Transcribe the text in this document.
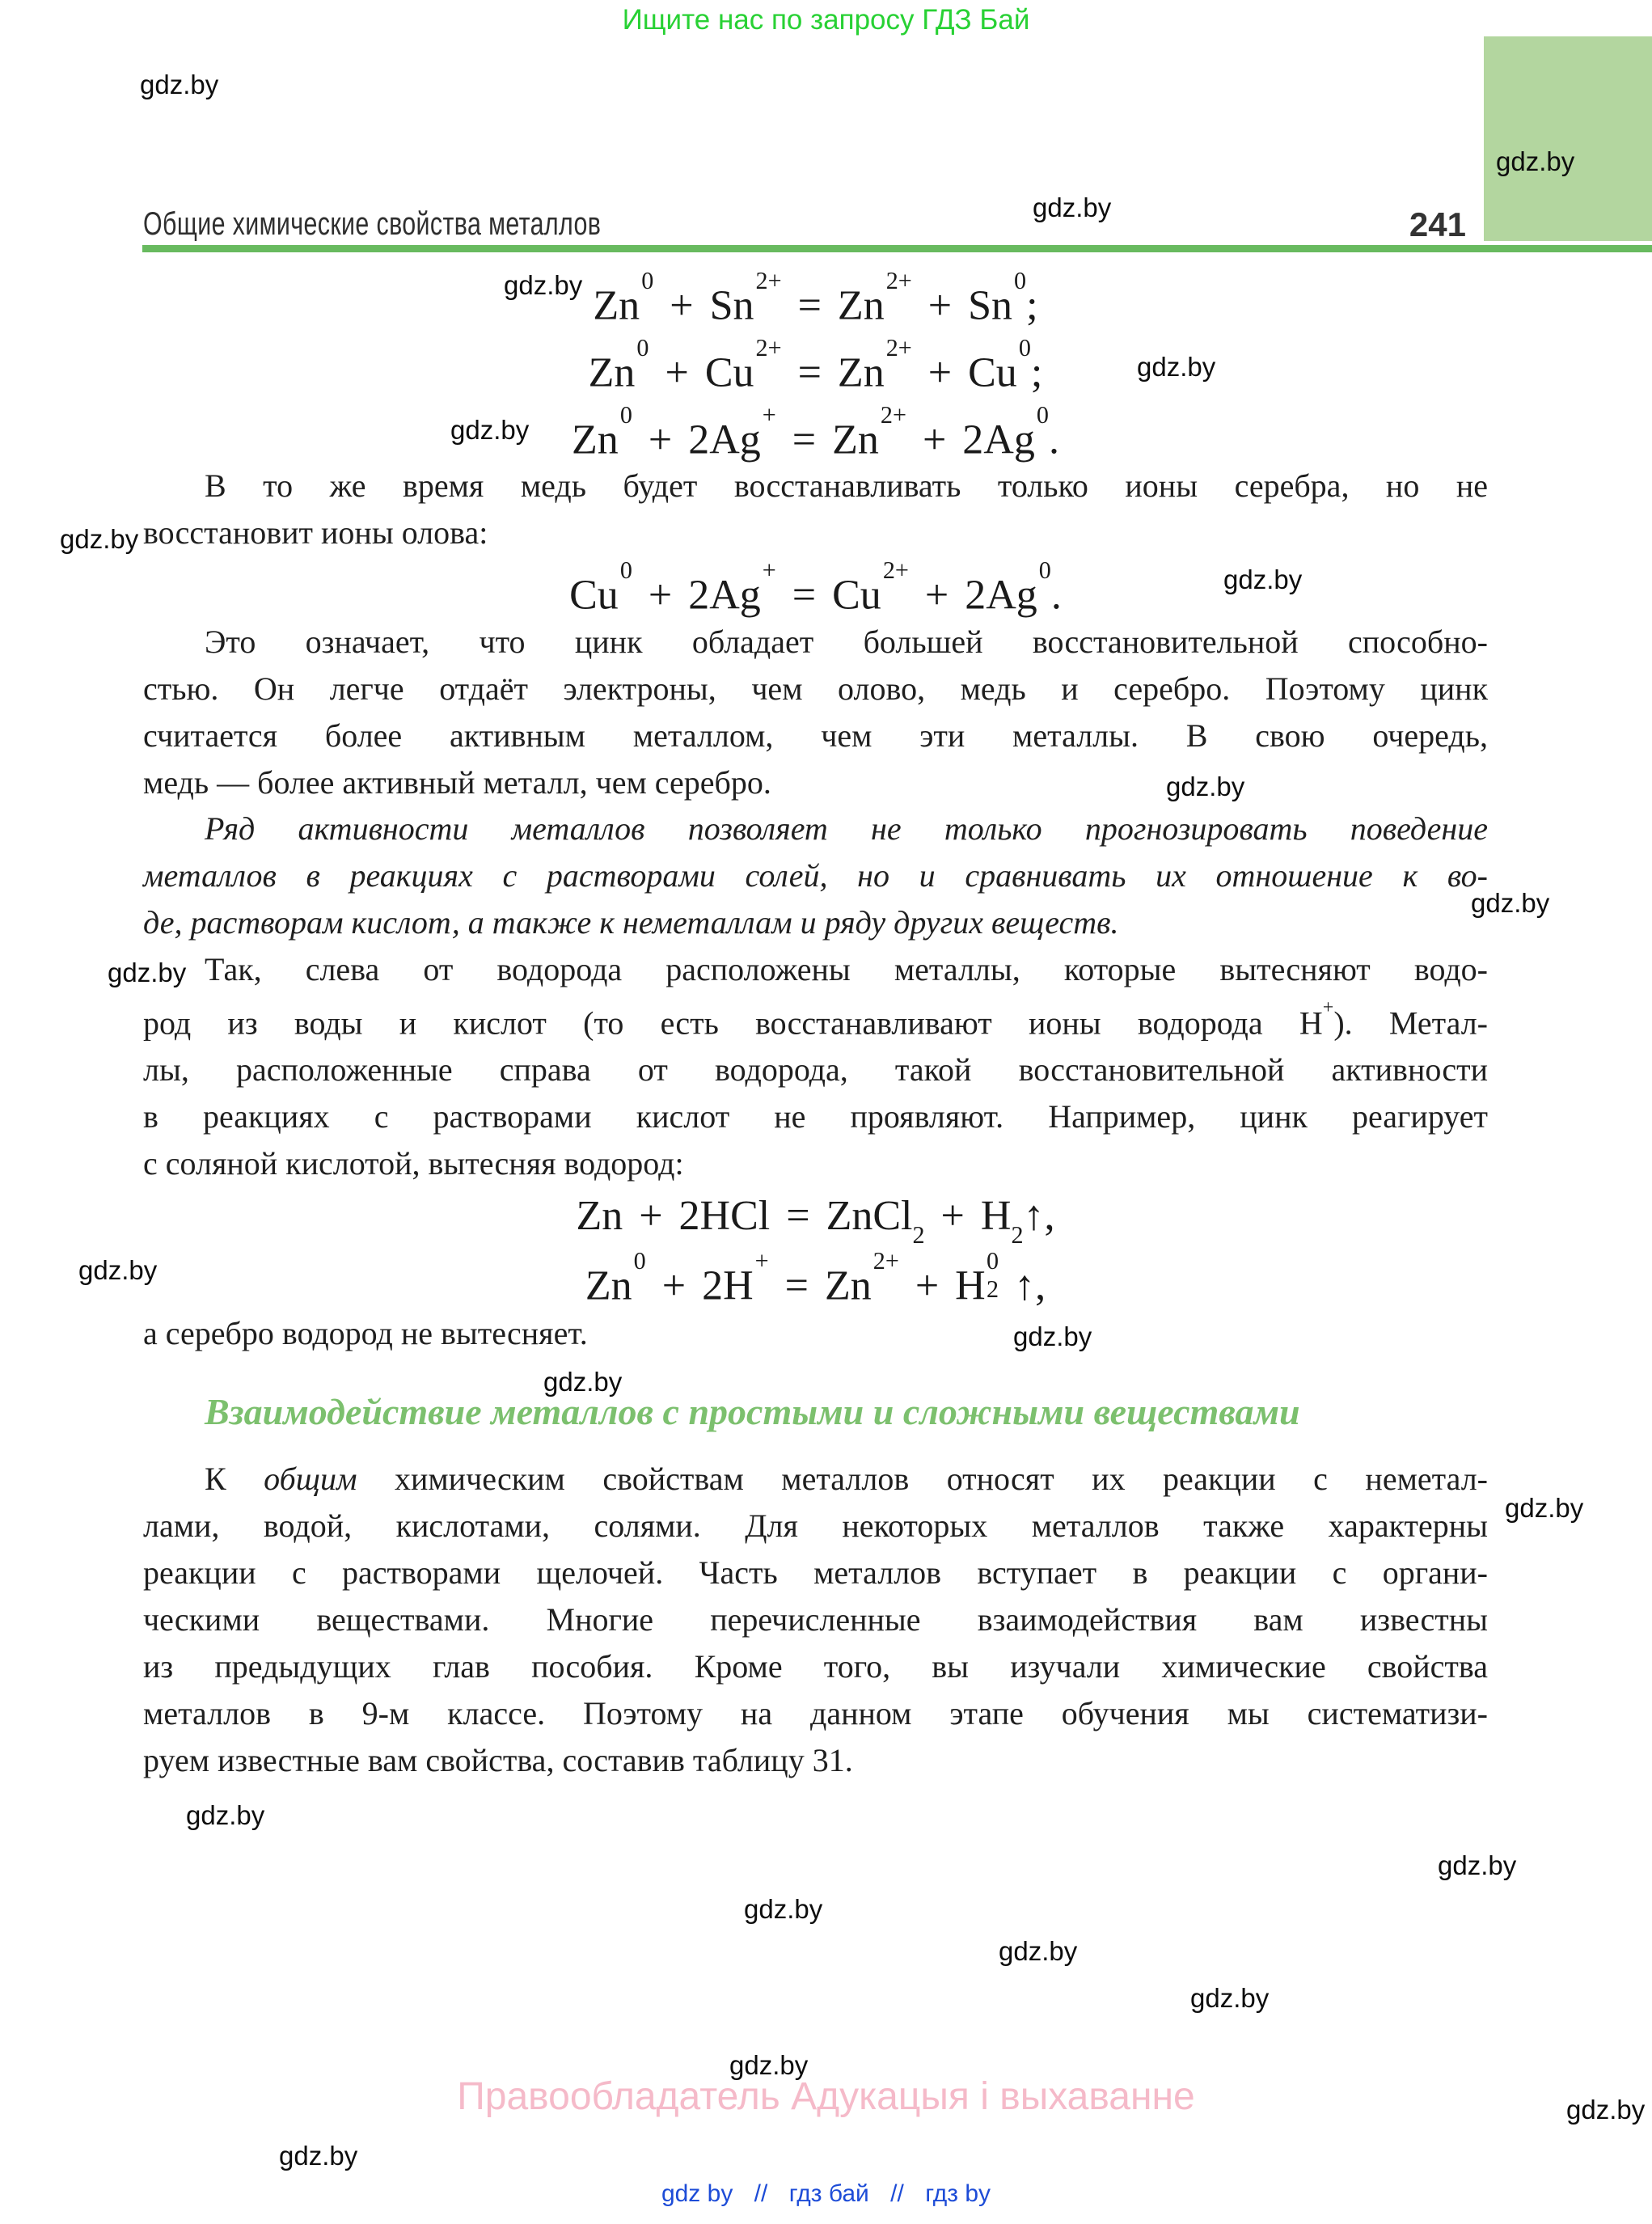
Ищите нас по запросу ГДЗ Бай
Общие химические свойства металлов	241
$Zn^0 + Sn^{2+} = Zn^{2+} + Sn^0$;
$Zn^0 + Cu^{2+} = Zn^{2+} + Cu^0$;
$Zn^0 + 2Ag^+ = Zn^{2+} + 2Ag^0$.
В то же время медь будет восстанавливать только ионы серебра, но не
восстановит ионы олова:
$Cu^0 + 2Ag^+ = Cu^{2+} + 2Ag^0$.
Это означает, что цинк обладает большей восстановительной способно-
стью. Он легче отдаёт электроны, чем олово, медь и серебро. Поэтому цинк
считается более активным металлом, чем эти металлы. В свою очередь,
медь — более активный металл, чем серебро.
Ряд активности металлов позволяет не только прогнозировать поведение
металлов в реакциях с растворами солей, но и сравнивать их отношение к во-
де, растворам кислот, а также к неметаллам и ряду других веществ.
Так, слева от водорода расположены металлы, которые вытесняют водо-
род из воды и кислот (то есть восстанавливают ионы водорода H+). Метал-
лы, расположенные справа от водорода, такой восстановительной активности
в реакциях с растворами кислот не проявляют. Например, цинк реагирует
с соляной кислотой, вытесняя водород:
Zn + 2HCl = ZnCl$_2$ + $H_2↑$,
$Zn^0 + 2H^+ = Zn^{2+} + H$
0
2 ↑,
а серебро водород не вытесняет.
Взаимодействие металлов с простыми и сложными веществами
К общим химическим свойствам металлов относят их реакции с неметал-
лами, водой, кислотами, солями. Для некоторых металлов также характерны
реакции с растворами щелочей. Часть металлов вступает в реакции с органи-
ческими веществами. Многие перечисленные взаимодействия вам известны
из предыдущих глав пособия. Кроме того, вы изучали химические свойства
металлов в 9-м классе. Поэтому на данном этапе обучения мы систематизи-
руем известные вам свойства, составив таблицу 31.
Правообладатель Адукацыя і выхаванне
gdz by // гдз бай // гдз by
gdz.by
gdz.by
gdz.by
gdz.by
gdz.by
gdz.by
gdz.by
gdz.by
gdz.by
gdz.by
gdz.by
gdz.by
gdz.by
gdz.by
gdz.by
gdz.by
gdz.by
gdz.by
gdz.by
gdz.by
gdz.by
gdz.by
gdz.by
